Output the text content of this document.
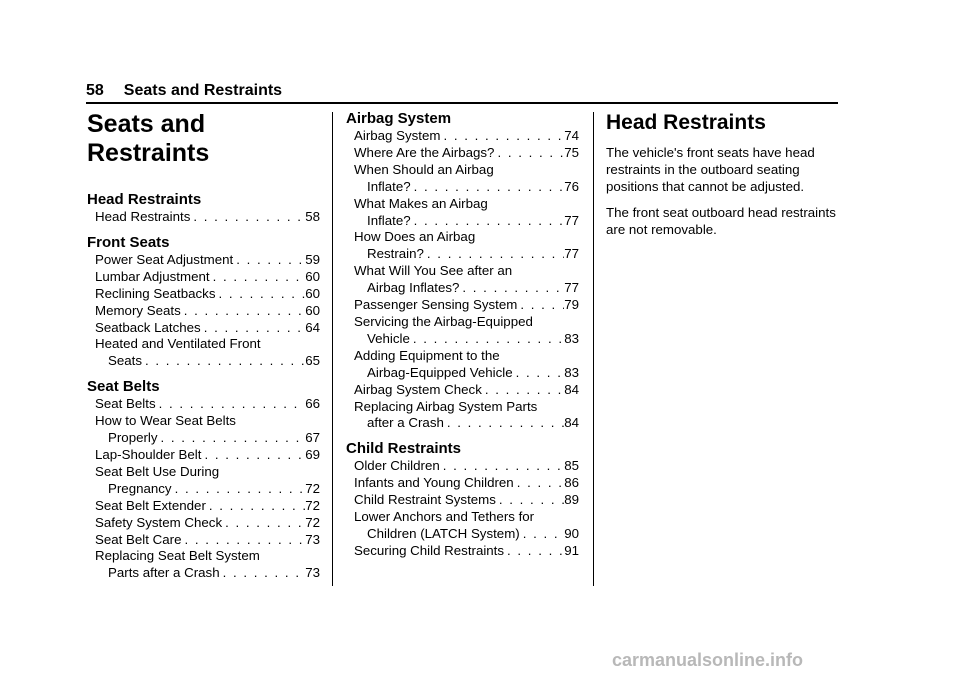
58 Seats and Restraints
Seats and
Restraints
Head Restraints
Head Restraints . . .	58
Front Seats
Power Seat Adjustment . . .	59
Lumbar Adjustment . . .	60
Reclining Seatbacks . . .	60
Memory Seats . . .	60
Seatback Latches . . .	64
Heated and Ventilated Front
Seats . . .	65
Seat Belts
Seat Belts . . .	66
How to Wear Seat Belts
Properly . . .	67
Lap-Shoulder Belt . . .	69
Seat Belt Use During
Pregnancy . . .	72
Seat Belt Extender . . .	72
Safety System Check . . .	72
Seat Belt Care . . .	73
Replacing Seat Belt System
Parts after a Crash . . .	73
Airbag System
Airbag System . . .	74
Where Are the Airbags? . . .	75
When Should an Airbag
Inflate? . . .	76
What Makes an Airbag
Inflate? . . .	77
How Does an Airbag
Restrain? . . .	77
What Will You See after an
Airbag Inflates? . . .	77
Passenger Sensing System . . .	79
Servicing the Airbag-Equipped
Vehicle . . .	83
Adding Equipment to the
Airbag-Equipped Vehicle . . .	83
Airbag System Check . . .	84
Replacing Airbag System Parts
after a Crash . . .	84
Child Restraints
Older Children . . .	85
Infants and Young Children . . .	86
Child Restraint Systems . . .	89
Lower Anchors and Tethers for
Children (LATCH System) . . .	90
Securing Child Restraints . . .	91
Head Restraints
The vehicle's front seats have head restraints in the outboard seating positions that cannot be adjusted.
The front seat outboard head restraints are not removable.
carmanualsonline.info
